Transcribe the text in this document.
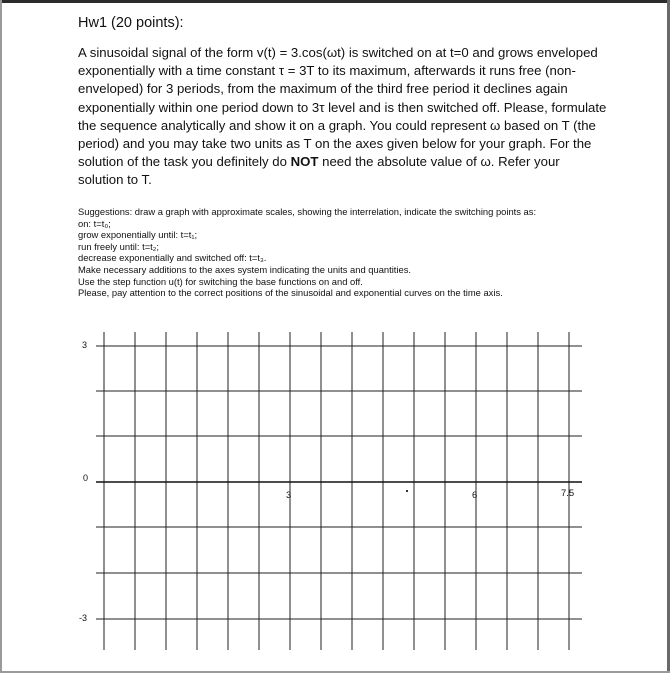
Hw1 (20 points):

A sinusoidal signal of the form v(t) = 3.cos(ωt) is switched on at t=0 and grows enveloped exponentially with a time constant τ = 3T to its maximum, afterwards it runs free (non-enveloped) for 3 periods, from the maximum of the third free period it declines again exponentially within one period down to 3τ level and is then switched off. Please, formulate the sequence analytically and show it on a graph. You could represent ω based on T (the period) and you may take two units as T on the axes given below for your graph. For the solution of the task you definitely do NOT need the absolute value of ω. Refer your solution to T.

Suggestions: draw a graph with approximate scales, showing the interrelation, indicate the switching points as:
on: t=t₀;
grow exponentially until: t=t₁;
run freely until: t=t₂;
decrease exponentially and switched off: t=t₃.
Make necessary additions to the axes system indicating the units and quantities.
Use the step function u(t) for switching the base functions on and off.
Please, pay attention to the correct positions of the sinusoidal and exponential curves on the time axis.
3
0
-3
3	6	7.5
